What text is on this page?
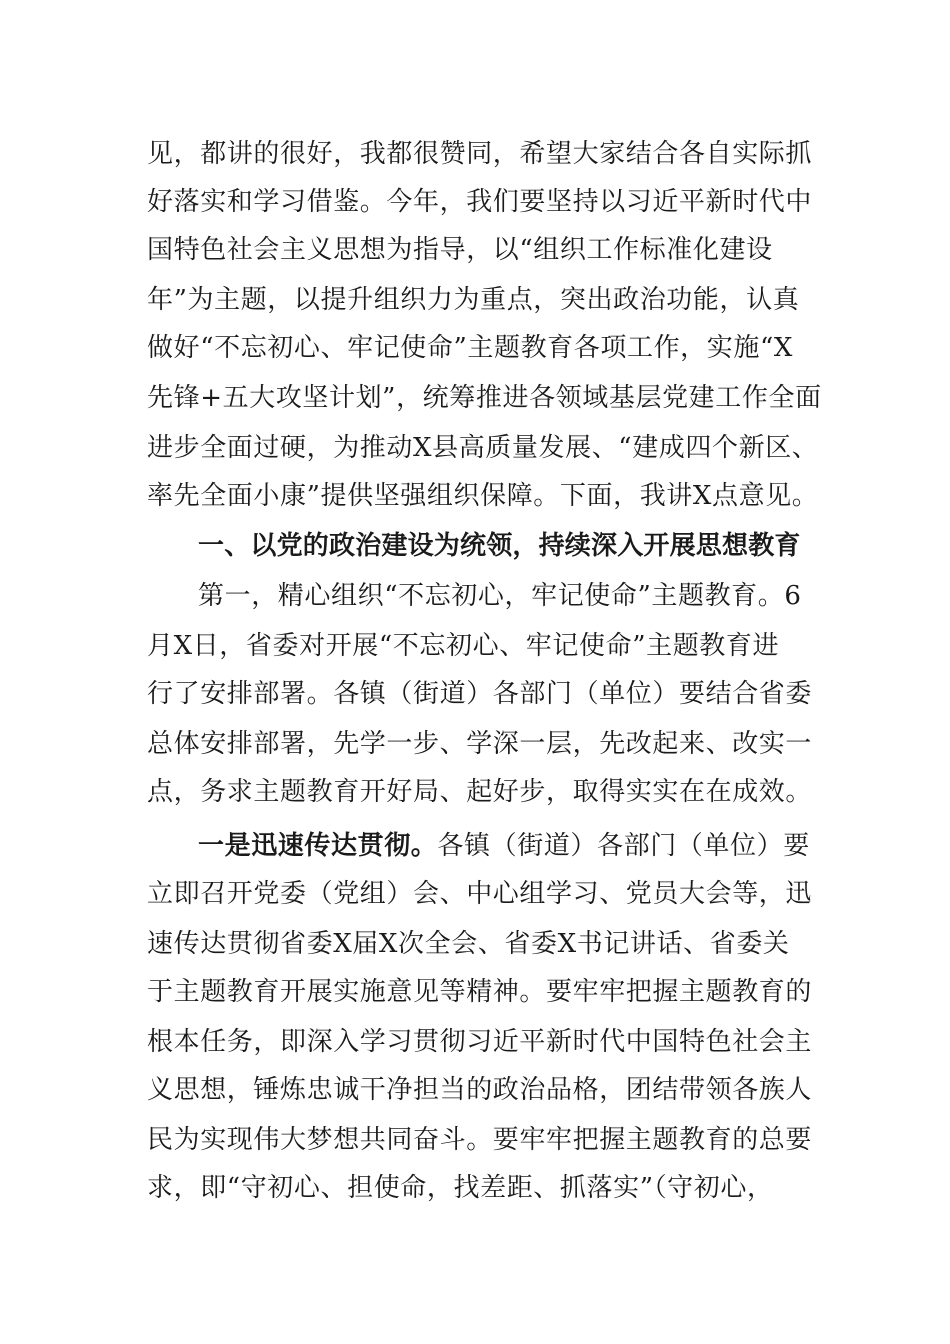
见，都讲的很好，我都很赞同，希望大家结合各自实际抓
好落实和学习借鉴。今年，我们要坚持以习近平新时代中
国特色社会主义思想为指导，以“组织工作标准化建设
年”为主题，以提升组织力为重点，突出政治功能，认真
做好“不忘初心、牢记使命”主题教育各项工作，实施“X
先锋+五大攻坚计划”，统筹推进各领域基层党建工作全面
进步全面过硬，为推动X县高质量发展、“建成四个新区、
率先全面小康”提供坚强组织保障。下面，我讲X点意见。
一、以党的政治建设为统领，持续深入开展思想教育
第一，精心组织“不忘初心，牢记使命”主题教育。6
月X日，省委对开展“不忘初心、牢记使命”主题教育进
行了安排部署。各镇（街道）各部门（单位）要结合省委
总体安排部署，先学一步、学深一层，先改起来、改实一
点，务求主题教育开好局、起好步，取得实实在在成效。
一是迅速传达贯彻。各镇（街道）各部门（单位）要
立即召开党委（党组）会、中心组学习、党员大会等，迅
速传达贯彻省委X届X次全会、省委X书记讲话、省委关
于主题教育开展实施意见等精神。要牢牢把握主题教育的
根本任务，即深入学习贯彻习近平新时代中国特色社会主
义思想，锤炼忠诚干净担当的政治品格，团结带领各族人
民为实现伟大梦想共同奋斗。要牢牢把握主题教育的总要
求，即“守初心、担使命，找差距、抓落实”（守初心，
